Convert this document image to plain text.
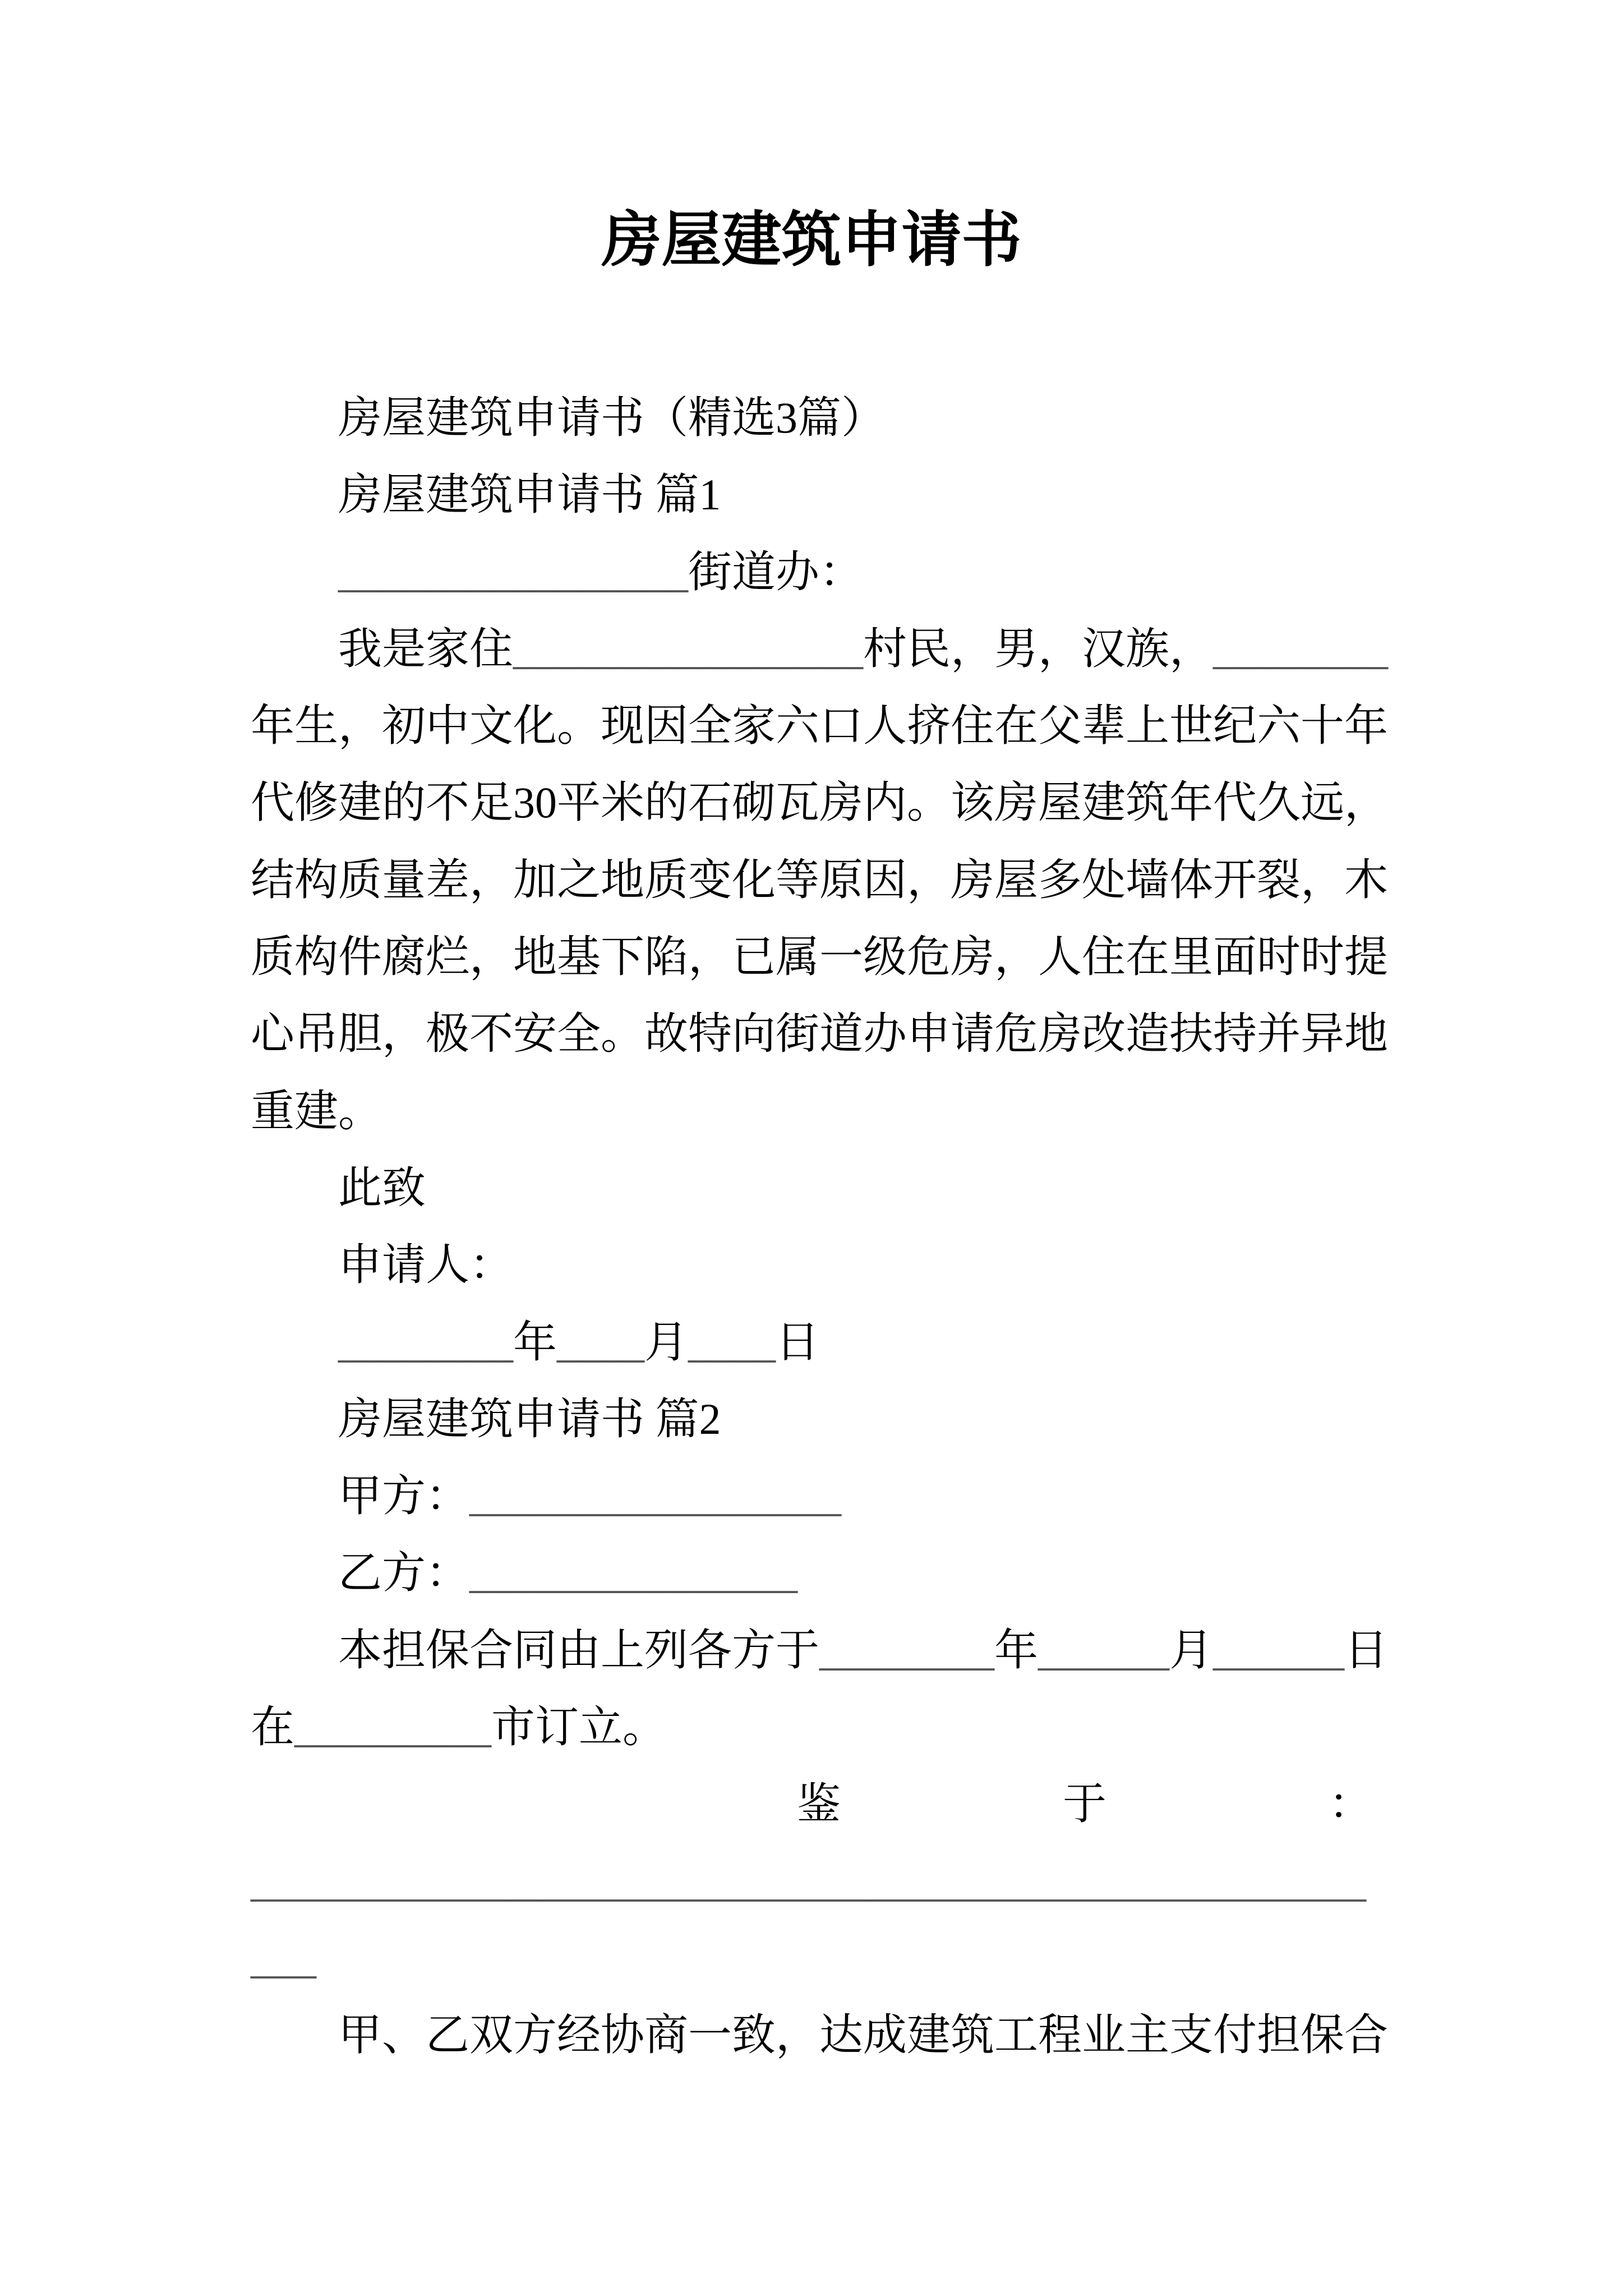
房屋建筑申请书
房屋建筑申请书（精选3篇）
房屋建筑申请书 篇1
________________街道办：
我是家住________________村民，男，汉族，________
年生，初中文化。现因全家六口人挤住在父辈上世纪六十年
代修建的不足30平米的石砌瓦房内。该房屋建筑年代久远，
结构质量差，加之地质变化等原因，房屋多处墙体开裂，木
质构件腐烂，地基下陷，已属一级危房，人住在里面时时提
心吊胆，极不安全。故特向街道办申请危房改造扶持并异地
重建。
此致
申请人：
________年____月____日
房屋建筑申请书 篇2
甲方：_________________
乙方：_______________
本担保合同由上列各方于________年______月______日
在_________市订立。
鉴	于	：
___________________________________________________
___
甲、乙双方经协商一致，达成建筑工程业主支付担保合
